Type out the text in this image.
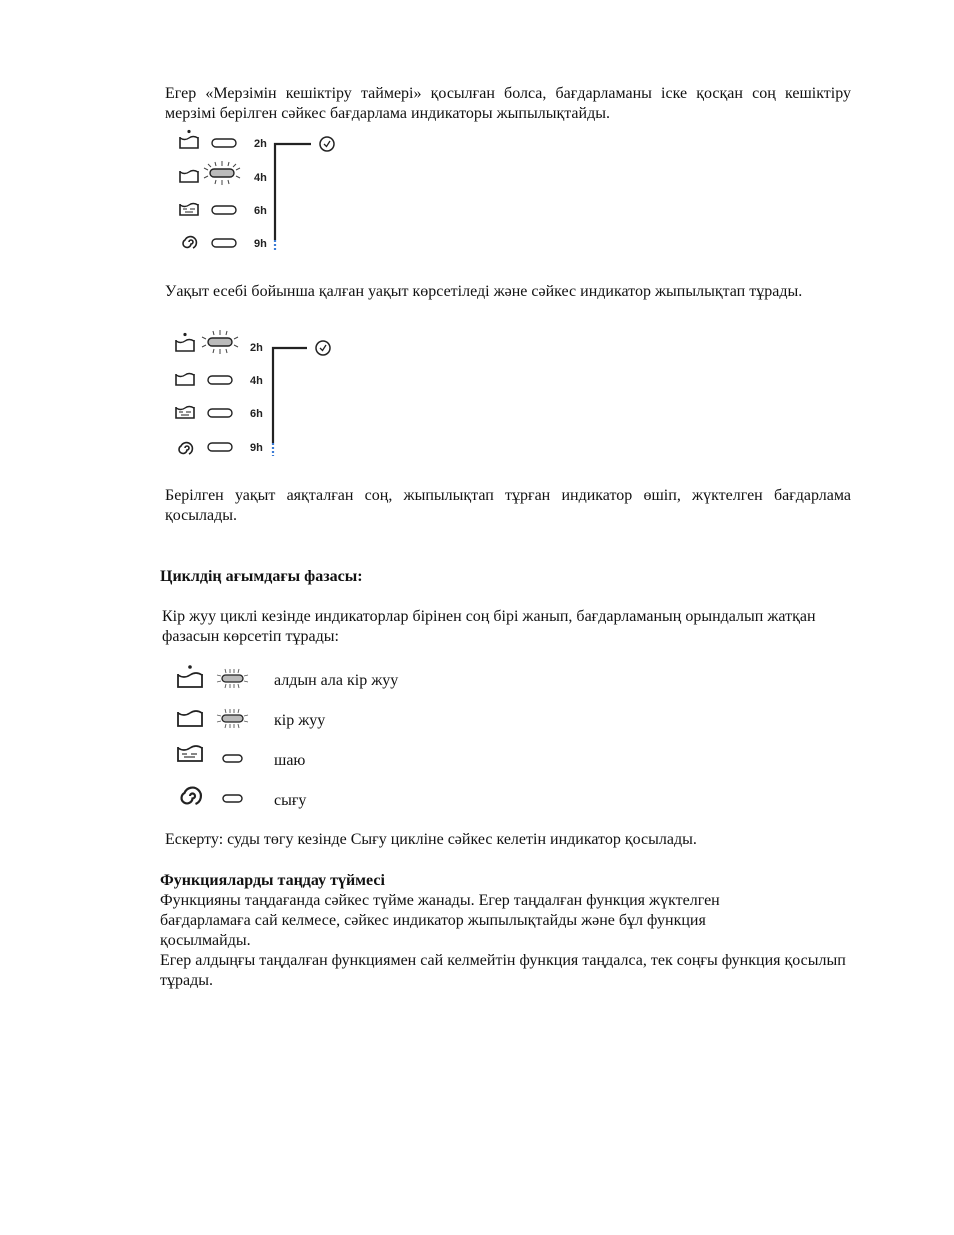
Егер «Мерзімін кешіктіру таймері» қосылған болса, бағдарламаны іске қосқан соң кешіктіру мерзімі берілген сәйкес бағдарлама индикаторы жыпылықтайды.

2h
4h
6h
9h

Уақыт есебі бойынша қалған уақыт көрсетіледі және сәйкес индикатор жыпылықтап тұрады.

2h
4h
6h
9h

Берілген уақыт аяқталған соң, жыпылықтап тұрған индикатор өшіп, жүктелген бағдарлама қосылады.

Циклдің ағымдағы фазасы:

Кір жуу циклі кезінде индикаторлар бірінен соң бірі жанып, бағдарламаның орындалып жатқан фазасын көрсетіп тұрады:

алдын ала кір жуу
кір жуу
шаю
сығу

Ескерту: суды төгу кезінде Сығу цикліне сәйкес келетін индикатор қосылады.

Функцияларды таңдау түймесі

Функцияны таңдағанда сәйкес түйме жанады. Егер таңдалған функция жүктелген бағдарламаға сай келмесе, сәйкес индикатор жыпылықтайды және бұл функция қосылмайды.

Егер алдыңғы таңдалған функциямен сай келмейтін функция таңдалса, тек соңғы функция қосылып тұрады.
